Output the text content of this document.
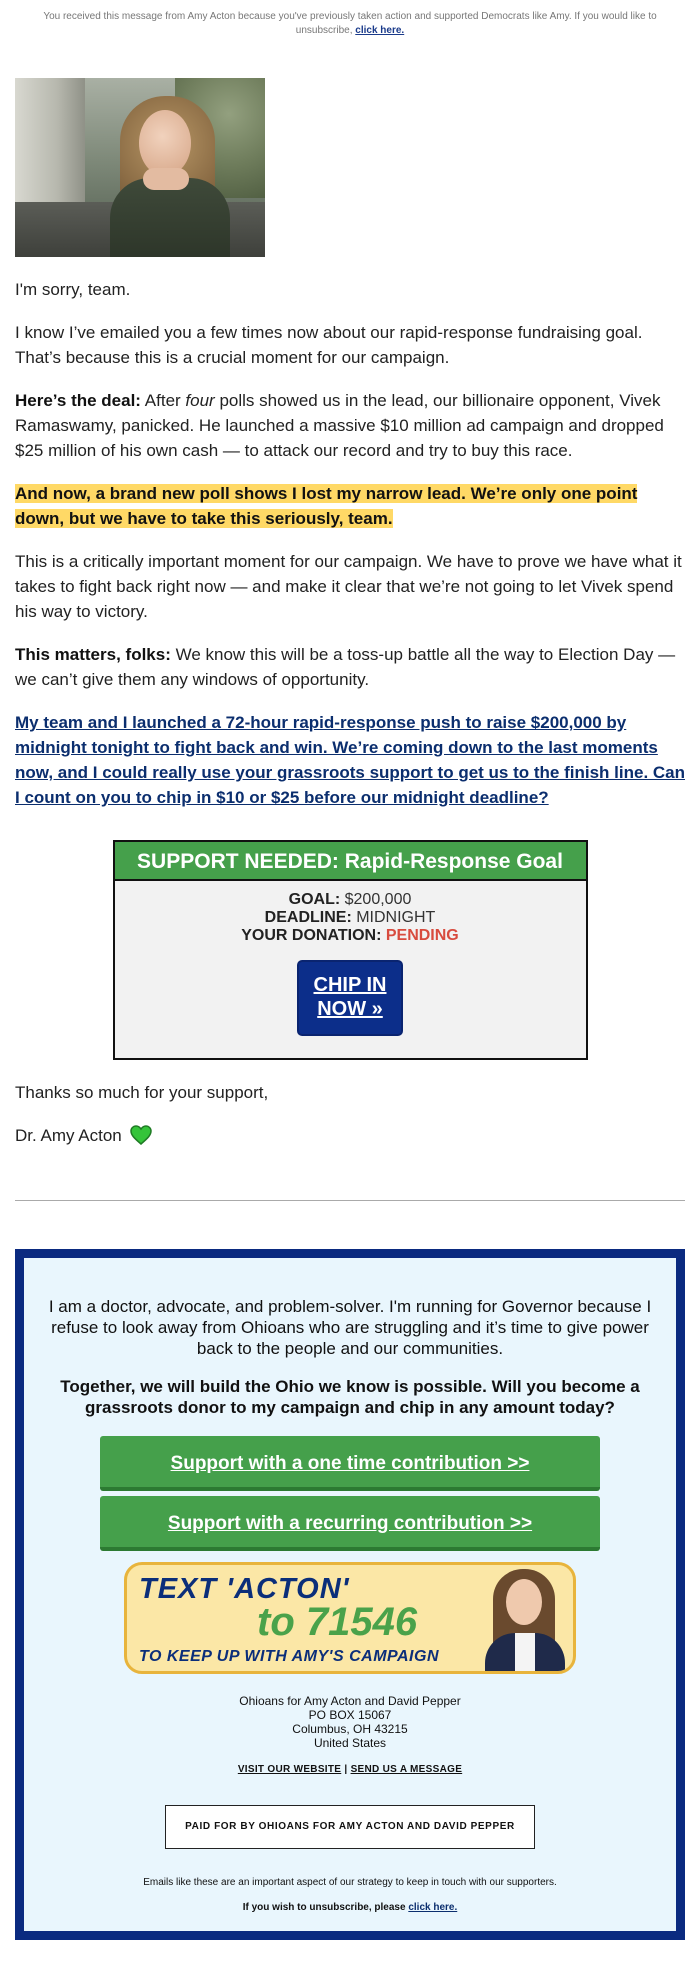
You received this message from Amy Acton because you've previously taken action and supported Democrats like Amy. If you would like to unsubscribe, click here.

I'm sorry, team.

I know I’ve emailed you a few times now about our rapid-response fundraising goal. That’s because this is a crucial moment for our campaign.

Here’s the deal: After four polls showed us in the lead, our billionaire opponent, Vivek Ramaswamy, panicked. He launched a massive $10 million ad campaign and dropped $25 million of his own cash — to attack our record and try to buy this race.

And now, a brand new poll shows I lost my narrow lead. We’re only one point down, but we have to take this seriously, team.

This is a critically important moment for our campaign. We have to prove we have what it takes to fight back right now — and make it clear that we’re not going to let Vivek spend his way to victory.

This matters, folks: We know this will be a toss-up battle all the way to Election Day — we can’t give them any windows of opportunity.

My team and I launched a 72-hour rapid-response push to raise $200,000 by midnight tonight to fight back and win. We’re coming down to the last moments now, and I could really use your grassroots support to get us to the finish line. Can I count on you to chip in $10 or $25 before our midnight deadline?

SUPPORT NEEDED: Rapid-Response Goal
GOAL: $200,000
DEADLINE: MIDNIGHT
YOUR DONATION: PENDING
CHIP IN
NOW »

Thanks so much for your support,

Dr. Amy Acton

I am a doctor, advocate, and problem-solver. I'm running for Governor because I refuse to look away from Ohioans who are struggling and it’s time to give power back to the people and our communities.

Together, we will build the Ohio we know is possible. Will you become a grassroots donor to my campaign and chip in any amount today?

Support with a one time contribution >>
Support with a recurring contribution >>
TEXT 'ACTON'
to 71546
TO KEEP UP WITH AMY'S CAMPAIGN
Ohioans for Amy Acton and David Pepper
PO BOX 15067
Columbus, OH 43215
United States
VISIT OUR WEBSITE | SEND US A MESSAGE
PAID FOR BY OHIOANS FOR AMY ACTON AND DAVID PEPPER

Emails like these are an important aspect of our strategy to keep in touch with our supporters.

If you wish to unsubscribe, please click here.
